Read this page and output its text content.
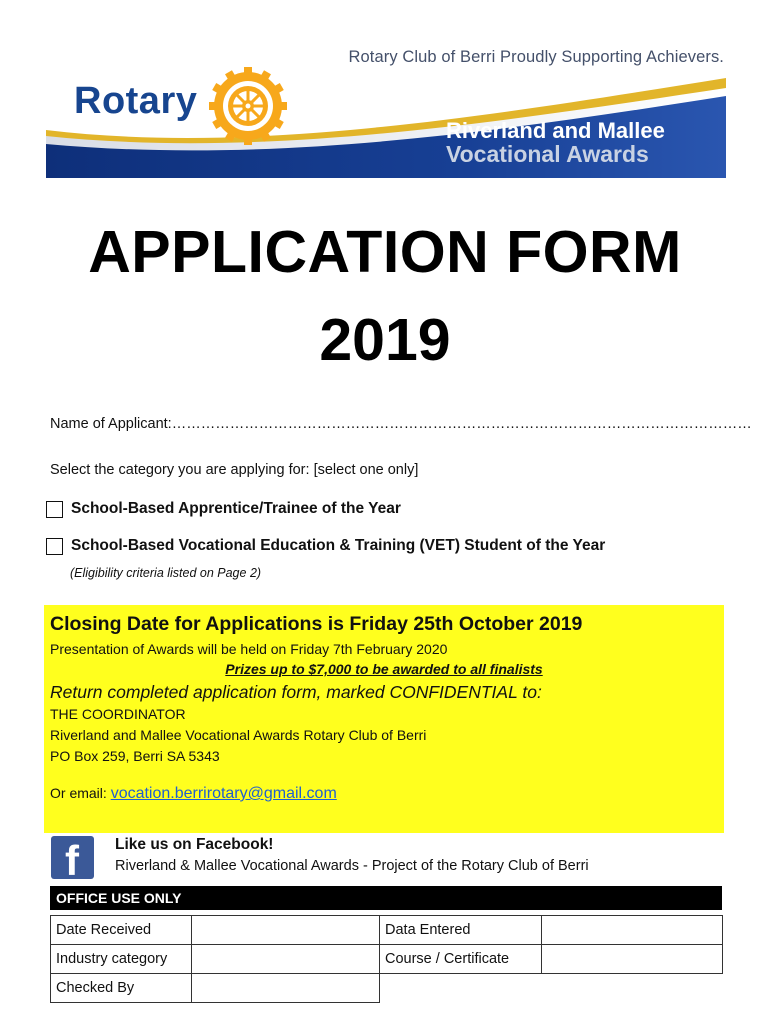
Rotary Club of Berri Proudly Supporting Achievers.
Rotary
Riverland and Mallee
Vocational Awards
APPLICATION FORM
2019
Name of Applicant:…………………………………………………………………………………………………………
Select the category you are applying for: [select one only]
School-Based Apprentice/Trainee of the Year
School-Based Vocational Education & Training (VET) Student of the Year
(Eligibility criteria listed on Page 2)
Closing Date for Applications is Friday 25th October 2019
Presentation of Awards will be held on Friday 7th February 2020
Prizes up to $7,000 to be awarded to all finalists
Return completed application form, marked CONFIDENTIAL to:
THE COORDINATOR
Riverland and Mallee Vocational Awards Rotary Club of Berri
PO Box 259, Berri SA 5343
Or email: vocation.berrirotary@gmail.com
f Like us on Facebook!
Riverland & Mallee Vocational Awards - Project of the Rotary Club of Berri
OFFICE USE ONLY
Date Received		Data Entered	
Industry category		Course / Certificate	
Checked By			
